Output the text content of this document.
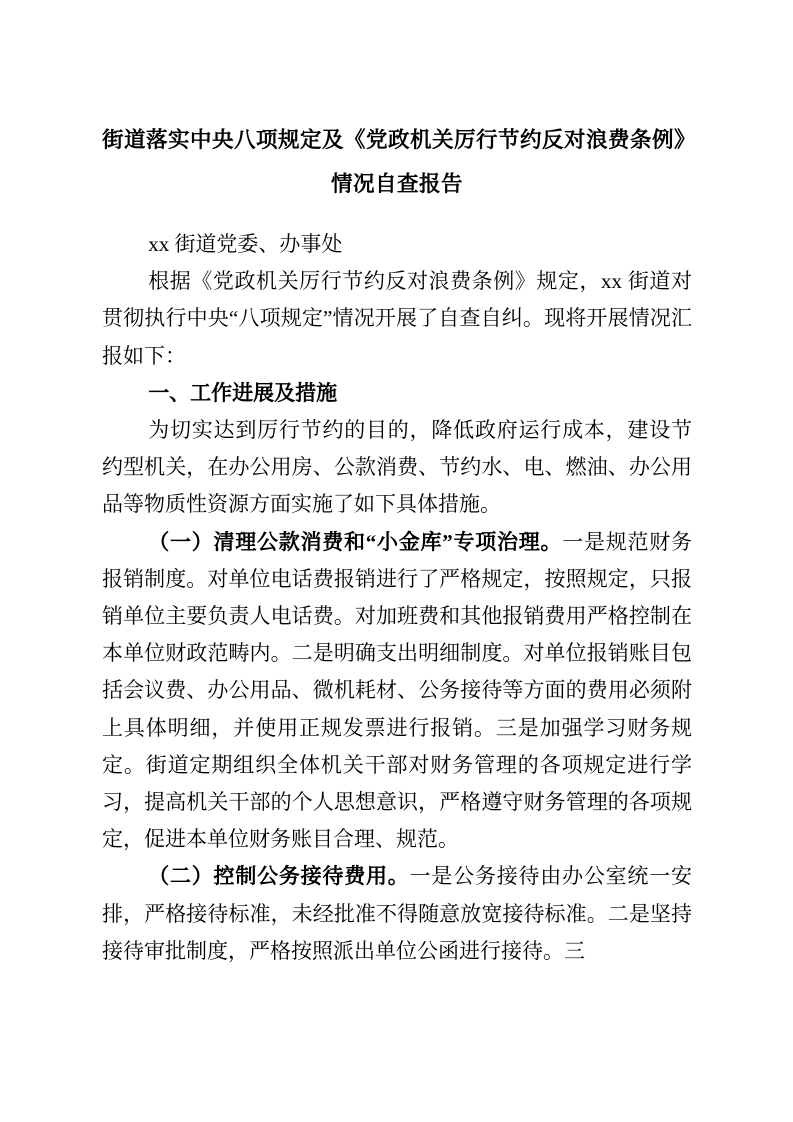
街道落实中央八项规定及《党政机关厉行节约反对浪费条例》
情况自查报告

xx 街道党委、办事处

根据《党政机关厉行节约反对浪费条例》规定，xx 街道对贯彻执行中央“八项规定”情况开展了自查自纠。现将开展情况汇报如下：

一、工作进展及措施

为切实达到厉行节约的目的，降低政府运行成本，建设节约型机关，在办公用房、公款消费、节约水、电、燃油、办公用品等物质性资源方面实施了如下具体措施。

（一）清理公款消费和“小金库”专项治理。一是规范财务报销制度。对单位电话费报销进行了严格规定，按照规定，只报销单位主要负责人电话费。对加班费和其他报销费用严格控制在本单位财政范畴内。二是明确支出明细制度。对单位报销账目包括会议费、办公用品、微机耗材、公务接待等方面的费用必须附上具体明细，并使用正规发票进行报销。三是加强学习财务规定。街道定期组织全体机关干部对财务管理的各项规定进行学习，提高机关干部的个人思想意识，严格遵守财务管理的各项规定，促进本单位财务账目合理、规范。

（二）控制公务接待费用。一是公务接待由办公室统一安排，严格接待标准，未经批准不得随意放宽接待标准。二是坚持接待审批制度，严格按照派出单位公函进行接待。三
